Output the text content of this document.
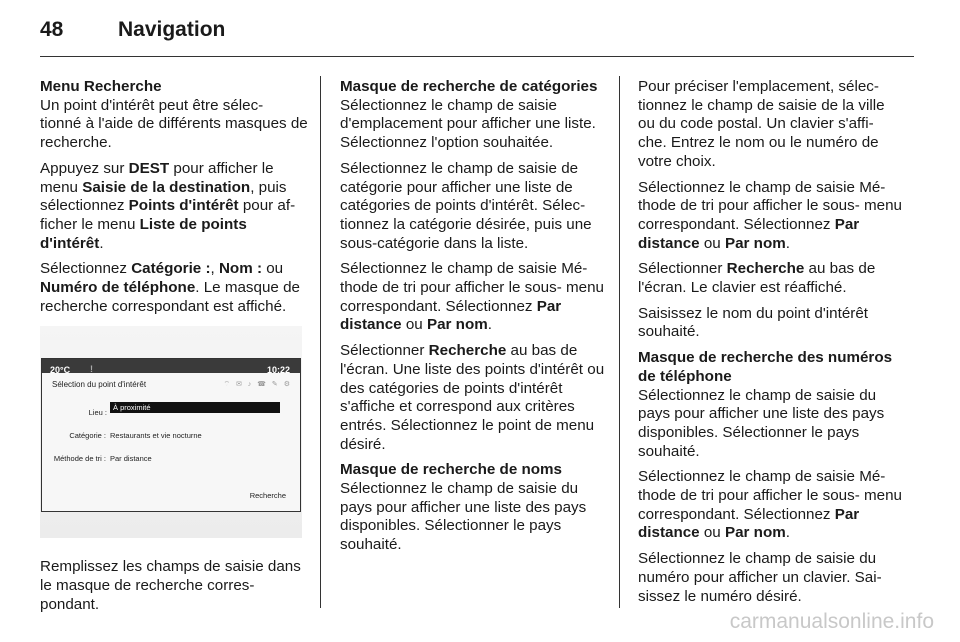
48	Navigation
Menu Recherche

Un point d'intérêt peut être sélec- tionné à l'aide de différents masques de recherche.

Appuyez sur DEST pour afficher le menu Saisie de la destination, puis sélectionnez Points d'intérêt pour af- ficher le menu Liste de points d'intérêt.

Sélectionnez Catégorie :, Nom : ou Numéro de téléphone. Le masque de recherche correspondant est affiché.

20°C !	10:22
Sélection du point d'intérêt	⌔ ✉ ♪ ☎ ✎ ⚙
Lieu :
À proximité
Catégorie : Restaurants et vie nocturne
Méthode de tri : Par distance
Recherche

Remplissez les champs de saisie dans le masque de recherche corres- pondant.

Masque de recherche de catégories

Sélectionnez le champ de saisie d'emplacement pour afficher une liste. Sélectionnez l'option souhaitée.

Sélectionnez le champ de saisie de catégorie pour afficher une liste de catégories de points d'intérêt. Sélec- tionnez la catégorie désirée, puis une sous-catégorie dans la liste.

Sélectionnez le champ de saisie Mé- thode de tri pour afficher le sous- menu correspondant. Sélectionnez Par distance ou Par nom.

Sélectionner Recherche au bas de l'écran. Une liste des points d'intérêt ou des catégories de points d'intérêt s'affiche et correspond aux critères entrés. Sélectionnez le point de menu désiré.

Masque de recherche de noms

Sélectionnez le champ de saisie du pays pour afficher une liste des pays disponibles. Sélectionner le pays souhaité.

Pour préciser l'emplacement, sélec- tionnez le champ de saisie de la ville ou du code postal. Un clavier s'affi- che. Entrez le nom ou le numéro de votre choix.

Sélectionnez le champ de saisie Mé- thode de tri pour afficher le sous- menu correspondant. Sélectionnez Par distance ou Par nom.

Sélectionner Recherche au bas de l'écran. Le clavier est réaffiché.

Saisissez le nom du point d'intérêt souhaité.

Masque de recherche des numéros de téléphone

Sélectionnez le champ de saisie du pays pour afficher une liste des pays disponibles. Sélectionner le pays souhaité.

Sélectionnez le champ de saisie Mé- thode de tri pour afficher le sous- menu correspondant. Sélectionnez Par distance ou Par nom.

Sélectionnez le champ de saisie du numéro pour afficher un clavier. Sai- sissez le numéro désiré.

carmanualsonline.info
